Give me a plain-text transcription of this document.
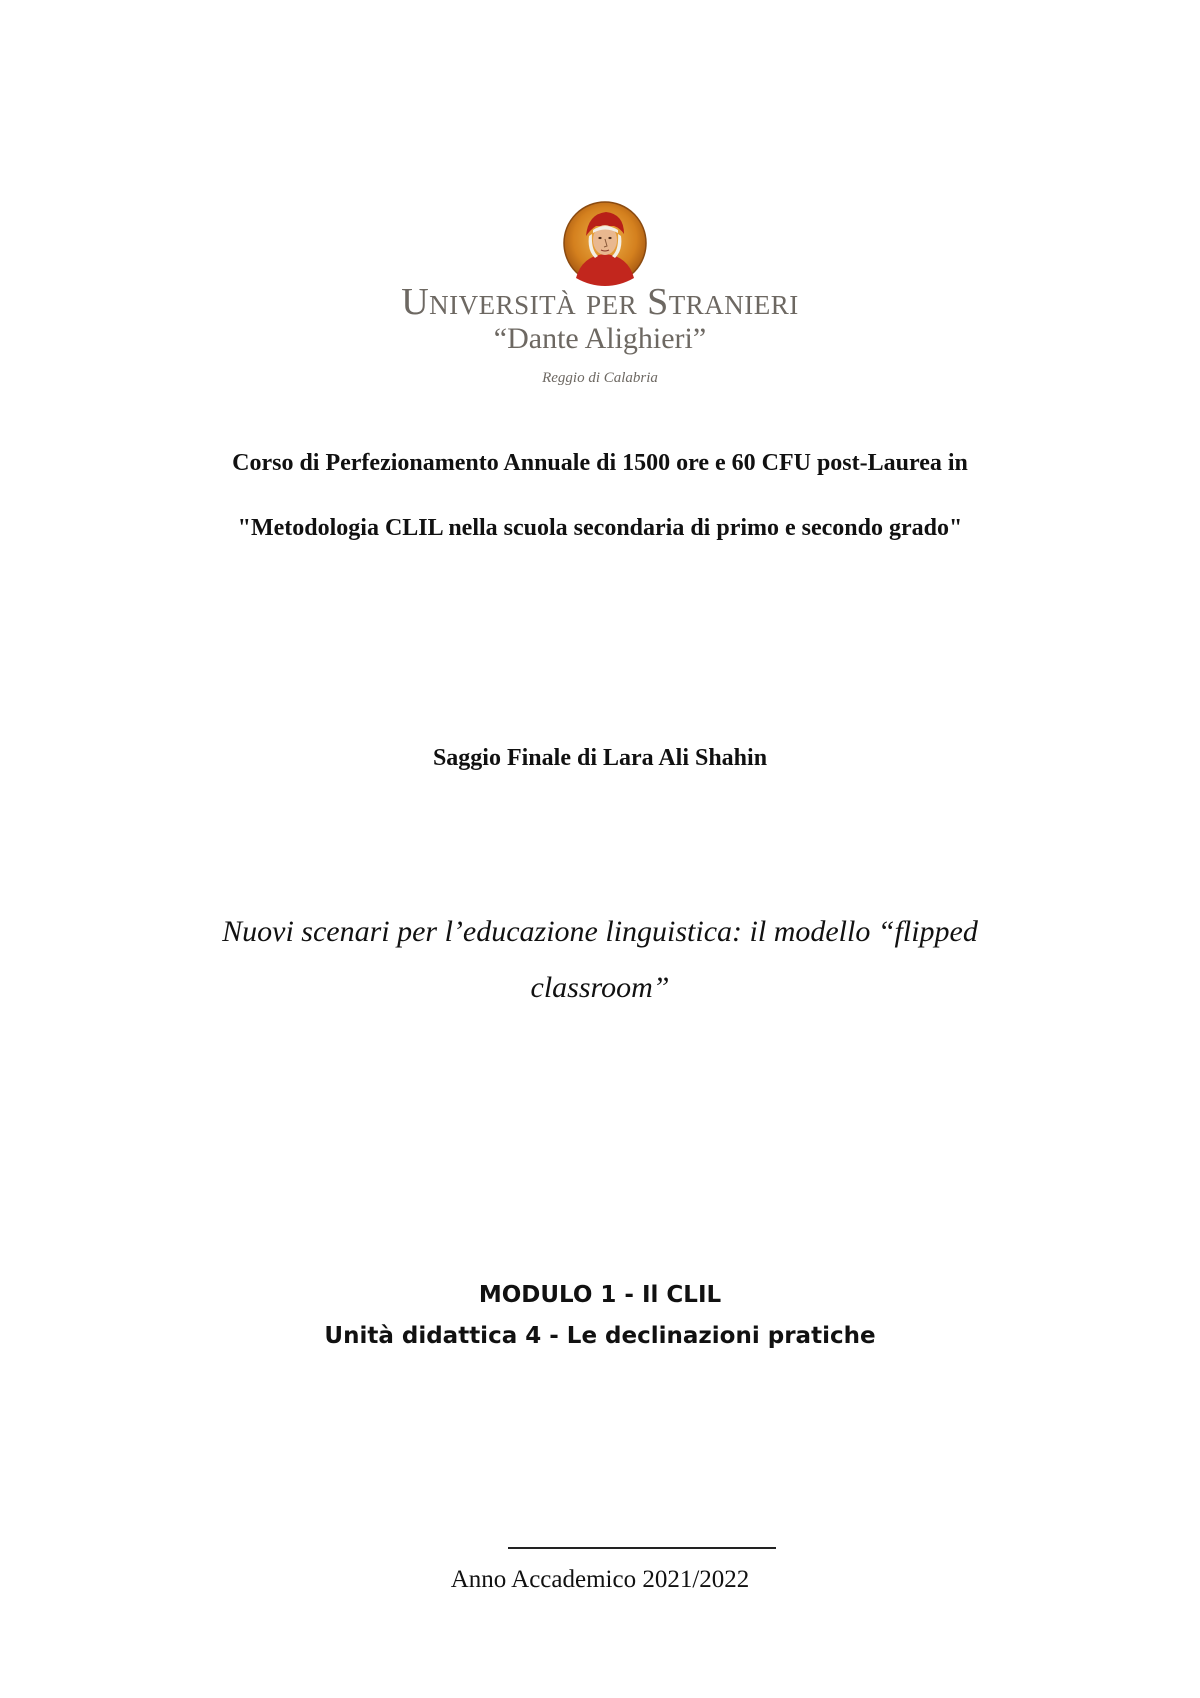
Università per Stranieri
“Dante Alighieri”
Reggio di Calabria
Corso di Perfezionamento Annuale di 1500 ore e 60 CFU post-Laurea in
"Metodologia CLIL nella scuola secondaria di primo e secondo grado"
Saggio Finale di Lara Ali Shahin
Nuovi scenari per l’educazione linguistica: il modello “flipped
classroom”
MODULO 1 - Il CLIL
Unità didattica 4 - Le declinazioni pratiche
Anno Accademico 2021/2022
